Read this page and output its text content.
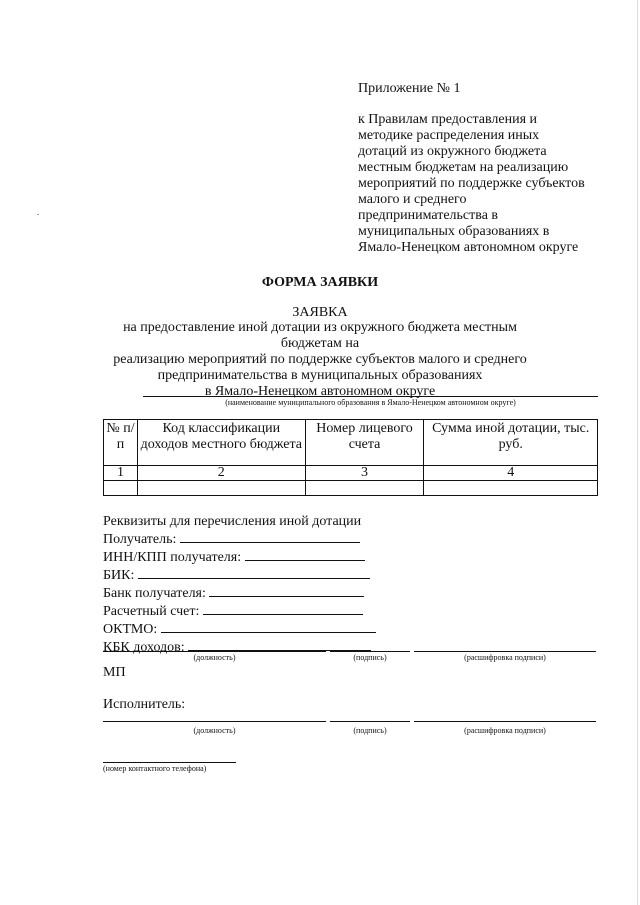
Приложение № 1
к Правилам предоставления и
методике распределения иных
дотаций из окружного бюджета
местным бюджетам на реализацию
мероприятий по поддержке субъектов
малого и среднего
предпринимательства в
муниципальных образованиях в
Ямало-Ненецком автономном округе
ФОРМА ЗАЯВКИ
ЗАЯВКА
на предоставление иной дотации из окружного бюджета местным бюджетам на
реализацию мероприятий по поддержке субъектов малого и среднего
предпринимательства в муниципальных образованиях
в Ямало-Ненецком автономном округе
(наименование муниципального образования в Ямало-Ненецком автономном округе)
№ п/п	Код классификации доходов местного бюджета	Номер лицевого счета	Сумма иной дотации, тыс. руб.
1	2	3	4

Реквизиты для перечисления иной дотации
Получатель:
ИНН/КПП получателя:
БИК:
Банк получателя:
Расчетный счет:
ОКТМО:
КБК доходов:
(должность)	(подпись)	(расшифровка подписи)
МП
Исполнитель:
(должность)	(подпись)	(расшифровка подписи)
(номер контактного телефона)
